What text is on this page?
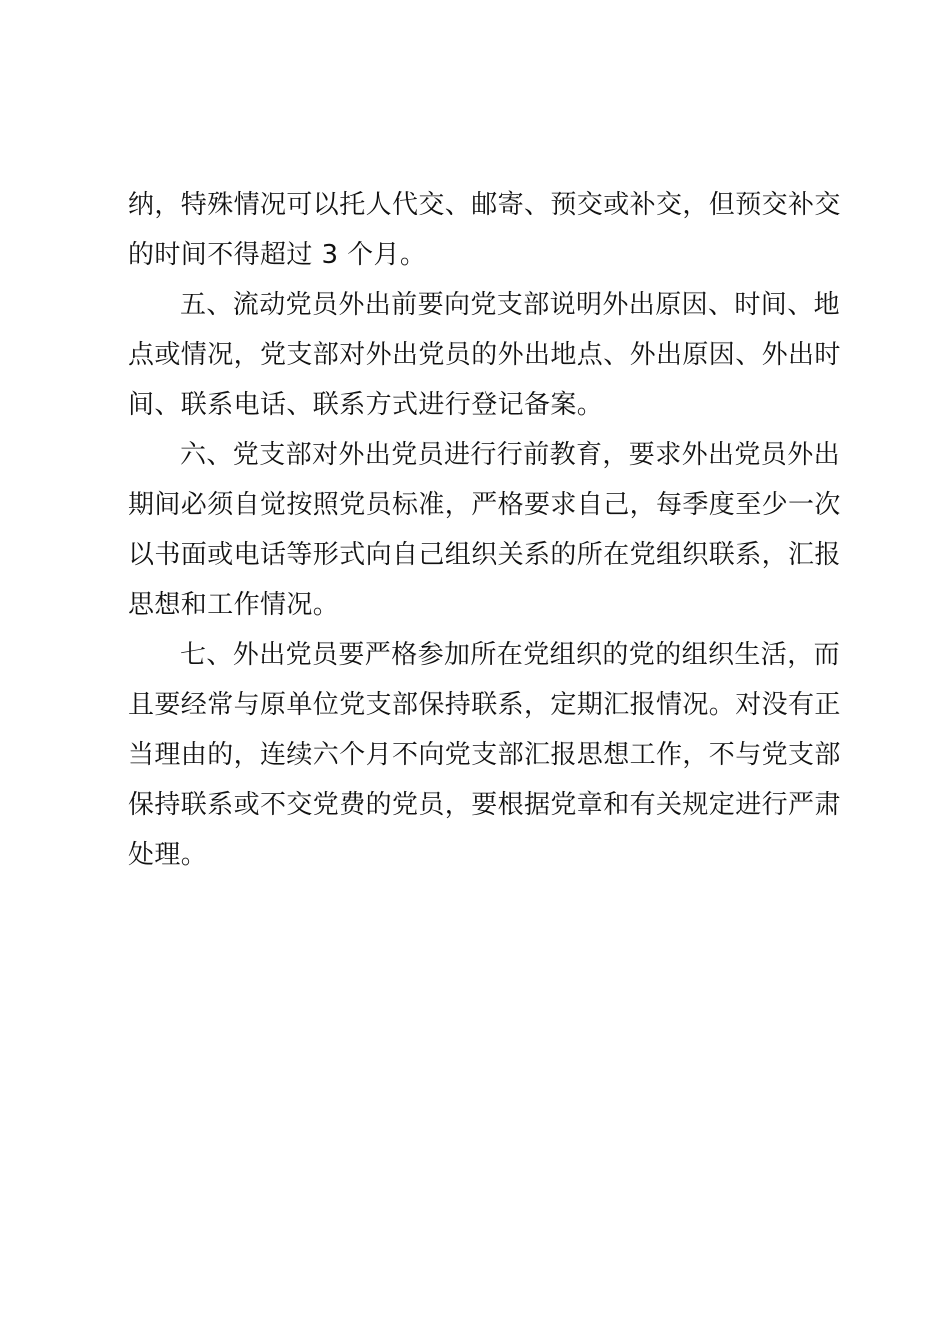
纳，特殊情况可以托人代交、邮寄、预交或补交，但预交补交
的时间不得超过 3 个月。

五、流动党员外出前要向党支部说明外出原因、时间、地
点或情况，党支部对外出党员的外出地点、外出原因、外出时
间、联系电话、联系方式进行登记备案。

六、党支部对外出党员进行行前教育，要求外出党员外出
期间必须自觉按照党员标准，严格要求自己，每季度至少一次
以书面或电话等形式向自己组织关系的所在党组织联系，汇报
思想和工作情况。

七、外出党员要严格参加所在党组织的党的组织生活，而
且要经常与原单位党支部保持联系，定期汇报情况。对没有正
当理由的，连续六个月不向党支部汇报思想工作，不与党支部
保持联系或不交党费的党员，要根据党章和有关规定进行严肃
处理。
